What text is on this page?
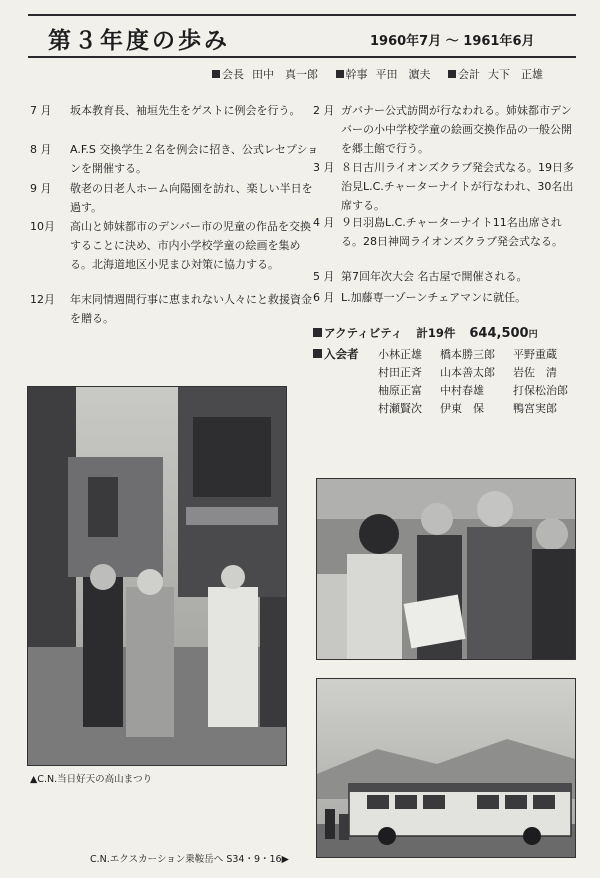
第３年度の歩み	1960年7月 〜 1961年6月
会長 田中　真一郎	幹事 平田　濵夫	会計 大下　正雄
7 月 坂本教育長、袖垣先生をゲストに例会を行う。
8 月 A.F.S 交換学生２名を例会に招き、公式レセプションを開催する。
9 月 敬老の日老人ホーム向陽園を訪れ、楽しい半日を過す。
10月 高山と姉妹都市のデンバー市の児童の作品を交換することに決め、市内小学校学童の絵画を集める。北海道地区小児まひ対策に協力する。
12月 年末同情週間行事に恵まれない人々にと救援資金を贈る。
2 月 ガバナー公式訪問が行なわれる。姉妹都市デンバーの小中学校学童の絵画交換作品の一般公開を郷土館で行う。
3 月 ８日古川ライオンズクラブ発会式なる。19日多治見L.C.チャーターナイトが行なわれ、30名出席する。
4 月 ９日羽島L.C.チャーターナイト11名出席される。28日神岡ライオンズクラブ発会式なる。
5 月 第7回年次大会 名古屋で開催される。
6 月 L.加藤専一ゾーンチェアマンに就任。
アクティビティ 計19件 644,500円
入会者 小林正雄 橋本勝三郎 平野重蔵
村田正斉 山本善太郎 岩佐　清
柚原正富 中村春雄	打保松治郎
村瀬賢次 伊東　保	鴨宮実郎
▲C.N.当日好天の高山まつり
C.N.エクスカーション乗鞍岳へ S34・9・16▶
